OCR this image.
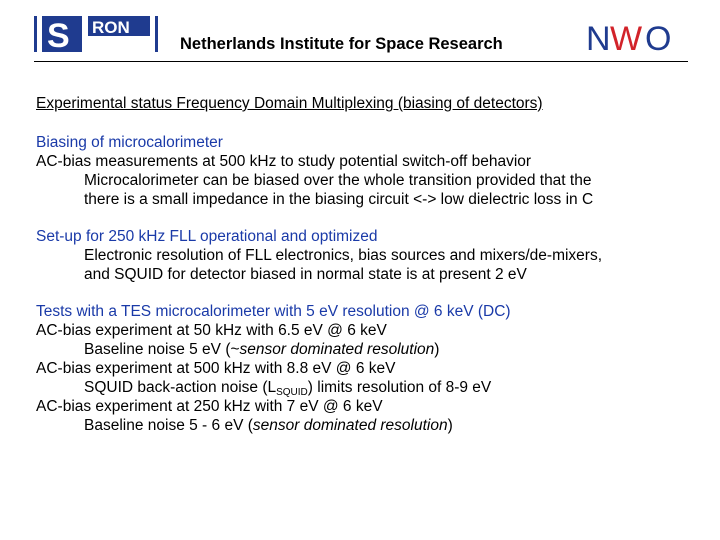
S RON
Netherlands Institute for Space Research N W O
Experimental status Frequency Domain Multiplexing (biasing of detectors)
Biasing of microcalorimeter
AC-bias measurements at 500 kHz to study potential switch-off behavior
Microcalorimeter can be biased over the whole transition provided that the
there is a small impedance in the biasing circuit <-> low dielectric loss in C
Set-up for 250 kHz FLL operational and optimized
Electronic resolution of FLL electronics, bias sources and mixers/de-mixers,
and SQUID for detector biased in normal state is at present 2 eV
Tests with a TES microcalorimeter with 5 eV resolution @ 6 keV (DC)
AC-bias experiment at 50 kHz with 6.5 eV @ 6 keV
Baseline noise 5 eV (~sensor dominated resolution)
AC-bias experiment at 500 kHz with 8.8 eV @ 6 keV
SQUID back-action noise $(L_{SQUID})$ limits resolution of 8-9 eV
AC-bias experiment at 250 kHz with 7 eV @ 6 keV
Baseline noise 5 - 6 eV (sensor dominated resolution)
